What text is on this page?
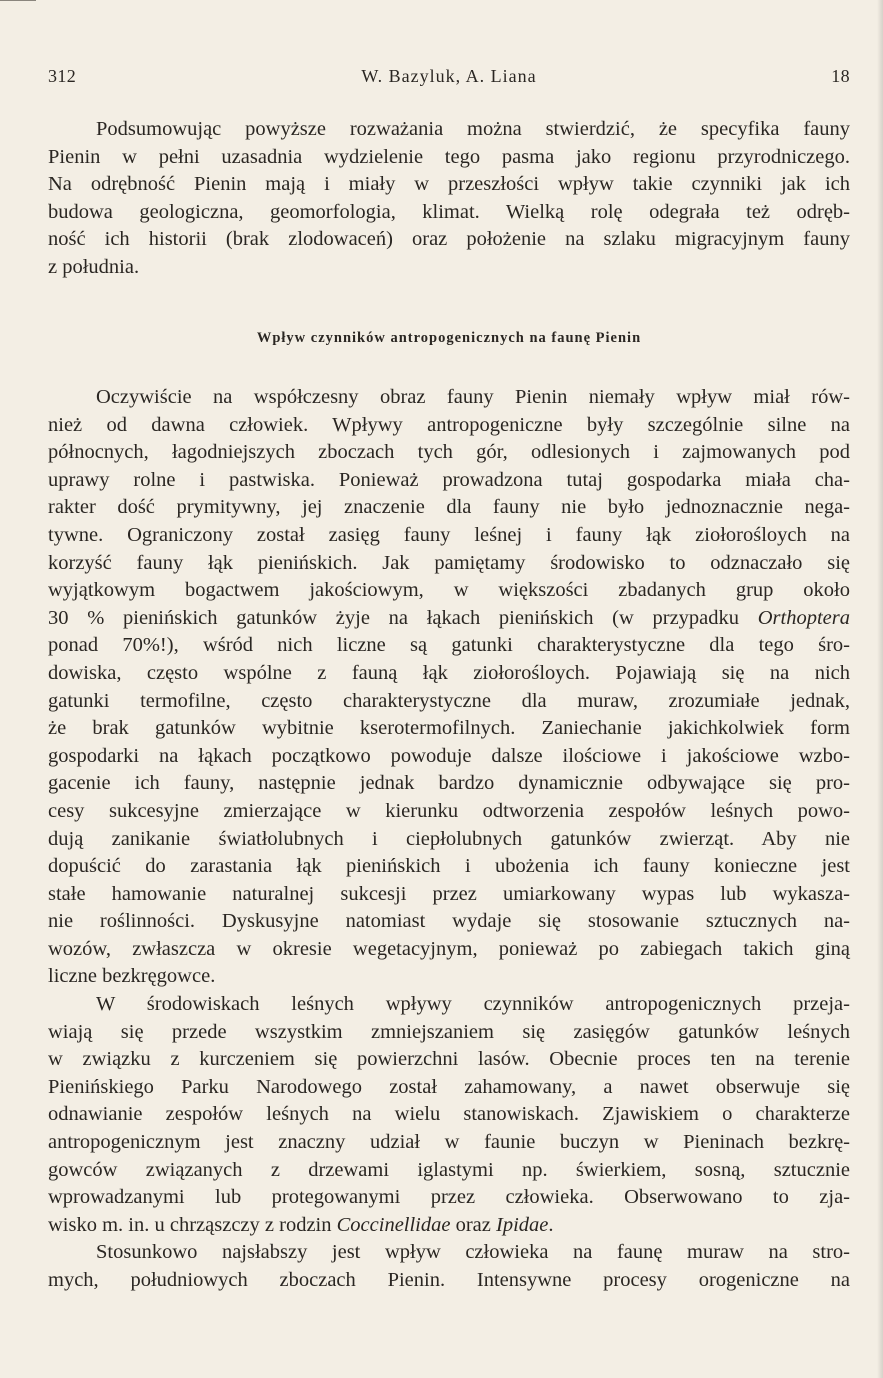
W. Bazyluk, A. Liana
312	18
Podsumowując powyższe rozważania można stwierdzić, że specyfika fauny
Pienin w pełni uzasadnia wydzielenie tego pasma jako regionu przyrodniczego.
Na odrębność Pienin mają i miały w przeszłości wpływ takie czynniki jak ich
budowa geologiczna, geomorfologia, klimat. Wielką rolę odegrała też odręb-
ność ich historii (brak zlodowaceń) oraz położenie na szlaku migracyjnym fauny
z południa.
Wpływ czynników antropogenicznych na faunę Pienin
Oczywiście na współczesny obraz fauny Pienin niemały wpływ miał rów-
nież od dawna człowiek. Wpływy antropogeniczne były szczególnie silne na
północnych, łagodniejszych zboczach tych gór, odlesionych i zajmowanych pod
uprawy rolne i pastwiska. Ponieważ prowadzona tutaj gospodarka miała cha-
rakter dość prymitywny, jej znaczenie dla fauny nie było jednoznacznie nega-
tywne. Ograniczony został zasięg fauny leśnej i fauny łąk ziołorośloych na
korzyść fauny łąk pienińskich. Jak pamiętamy środowisko to odznaczało się
wyjątkowym bogactwem jakościowym, w większości zbadanych grup około
30 % pienińskich gatunków żyje na łąkach pienińskich (w przypadku Orthoptera
ponad 70%!), wśród nich liczne są gatunki charakterystyczne dla tego śro-
dowiska, często wspólne z fauną łąk ziołorośloych. Pojawiają się na nich
gatunki termofilne, często charakterystyczne dla muraw, zrozumiałe jednak,
że brak gatunków wybitnie kserotermofilnych. Zaniechanie jakichkolwiek form
gospodarki na łąkach początkowo powoduje dalsze ilościowe i jakościowe wzbo-
gacenie ich fauny, następnie jednak bardzo dynamicznie odbywające się pro-
cesy sukcesyjne zmierzające w kierunku odtworzenia zespołów leśnych powo-
dują zanikanie światłolubnych i ciepłolubnych gatunków zwierząt. Aby nie
dopuścić do zarastania łąk pienińskich i ubożenia ich fauny konieczne jest
stałe hamowanie naturalnej sukcesji przez umiarkowany wypas lub wykasza-
nie roślinności. Dyskusyjne natomiast wydaje się stosowanie sztucznych na-
wozów, zwłaszcza w okresie wegetacyjnym, ponieważ po zabiegach takich giną
liczne bezkręgowce.
W środowiskach leśnych wpływy czynników antropogenicznych przeja-
wiają się przede wszystkim zmniejszaniem się zasięgów gatunków leśnych
w związku z kurczeniem się powierzchni lasów. Obecnie proces ten na terenie
Pienińskiego Parku Narodowego został zahamowany, a nawet obserwuje się
odnawianie zespołów leśnych na wielu stanowiskach. Zjawiskiem o charakterze
antropogenicznym jest znaczny udział w faunie buczyn w Pieninach bezkrę-
gowców związanych z drzewami iglastymi np. świerkiem, sosną, sztucznie
wprowadzanymi lub protegowanymi przez człowieka. Obserwowano to zja-
wisko m. in. u chrząszczy z rodzin Coccinellidae oraz Ipidae.
Stosunkowo najsłabszy jest wpływ człowieka na faunę muraw na stro-
mych, południowych zboczach Pienin. Intensywne procesy orogeniczne na
